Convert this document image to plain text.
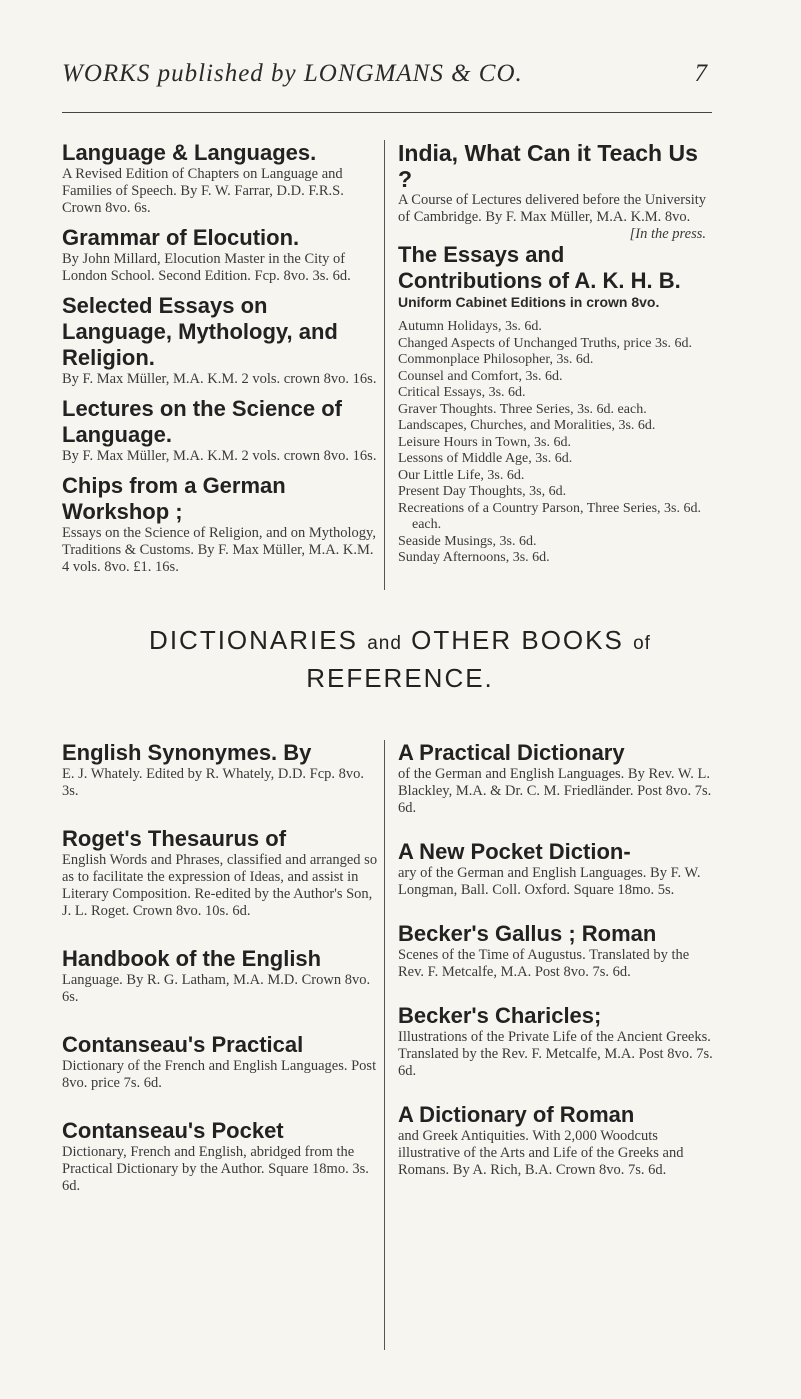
WORKS published by LONGMANS & CO.	7
Language & Languages.
A Revised Edition of Chapters on Language and Families of Speech. By F. W. Farrar, D.D. F.R.S. Crown 8vo. 6s.
Grammar of Elocution.
By John Millard, Elocution Master in the City of London School. Second Edition. Fcp. 8vo. 3s. 6d.
Selected Essays on Language, Mythology, and Religion.
By F. Max Müller, M.A. K.M. 2 vols. crown 8vo. 16s.
Lectures on the Science of Language.
By F. Max Müller, M.A. K.M. 2 vols. crown 8vo. 16s.
Chips from a German Workshop ;
Essays on the Science of Religion, and on Mythology, Traditions & Customs. By F. Max Müller, M.A. K.M. 4 vols. 8vo. £1. 16s.
India, What Can it Teach Us ?
A Course of Lectures delivered before the University of Cambridge. By F. Max Müller, M.A. K.M. 8vo.
[In the press.
The Essays and Contributions of A. K. H. B.
Uniform Cabinet Editions in crown 8vo.
Autumn Holidays, 3s. 6d.
Changed Aspects of Unchanged Truths, price 3s. 6d.
Commonplace Philosopher, 3s. 6d.
Counsel and Comfort, 3s. 6d.
Critical Essays, 3s. 6d.
Graver Thoughts. Three Series, 3s. 6d. each.
Landscapes, Churches, and Moralities, 3s. 6d.
Leisure Hours in Town, 3s. 6d.
Lessons of Middle Age, 3s. 6d.
Our Little Life, 3s. 6d.
Present Day Thoughts, 3s, 6d.
Recreations of a Country Parson, Three Series, 3s. 6d. each.
Seaside Musings, 3s. 6d.
Sunday Afternoons, 3s. 6d.
DICTIONARIES and OTHER BOOKS of
REFERENCE.
English Synonymes. By
E. J. Whately. Edited by R. Whately, D.D. Fcp. 8vo. 3s.
Roget's Thesaurus of
English Words and Phrases, classified and arranged so as to facilitate the expression of Ideas, and assist in Literary Composition. Re-edited by the Author's Son, J. L. Roget. Crown 8vo. 10s. 6d.
Handbook of the English
Language. By R. G. Latham, M.A. M.D. Crown 8vo. 6s.
Contanseau's Practical
Dictionary of the French and English Languages. Post 8vo. price 7s. 6d.
Contanseau's Pocket
Dictionary, French and English, abridged from the Practical Dictionary by the Author. Square 18mo. 3s. 6d.
A Practical Dictionary
of the German and English Languages. By Rev. W. L. Blackley, M.A. & Dr. C. M. Friedländer. Post 8vo. 7s. 6d.
A New Pocket Diction-
ary of the German and English Languages. By F. W. Longman, Ball. Coll. Oxford. Square 18mo. 5s.
Becker's Gallus ; Roman
Scenes of the Time of Augustus. Translated by the Rev. F. Metcalfe, M.A. Post 8vo. 7s. 6d.
Becker's Charicles;
Illustrations of the Private Life of the Ancient Greeks. Translated by the Rev. F. Metcalfe, M.A. Post 8vo. 7s. 6d.
A Dictionary of Roman
and Greek Antiquities. With 2,000 Woodcuts illustrative of the Arts and Life of the Greeks and Romans. By A. Rich, B.A. Crown 8vo. 7s. 6d.
